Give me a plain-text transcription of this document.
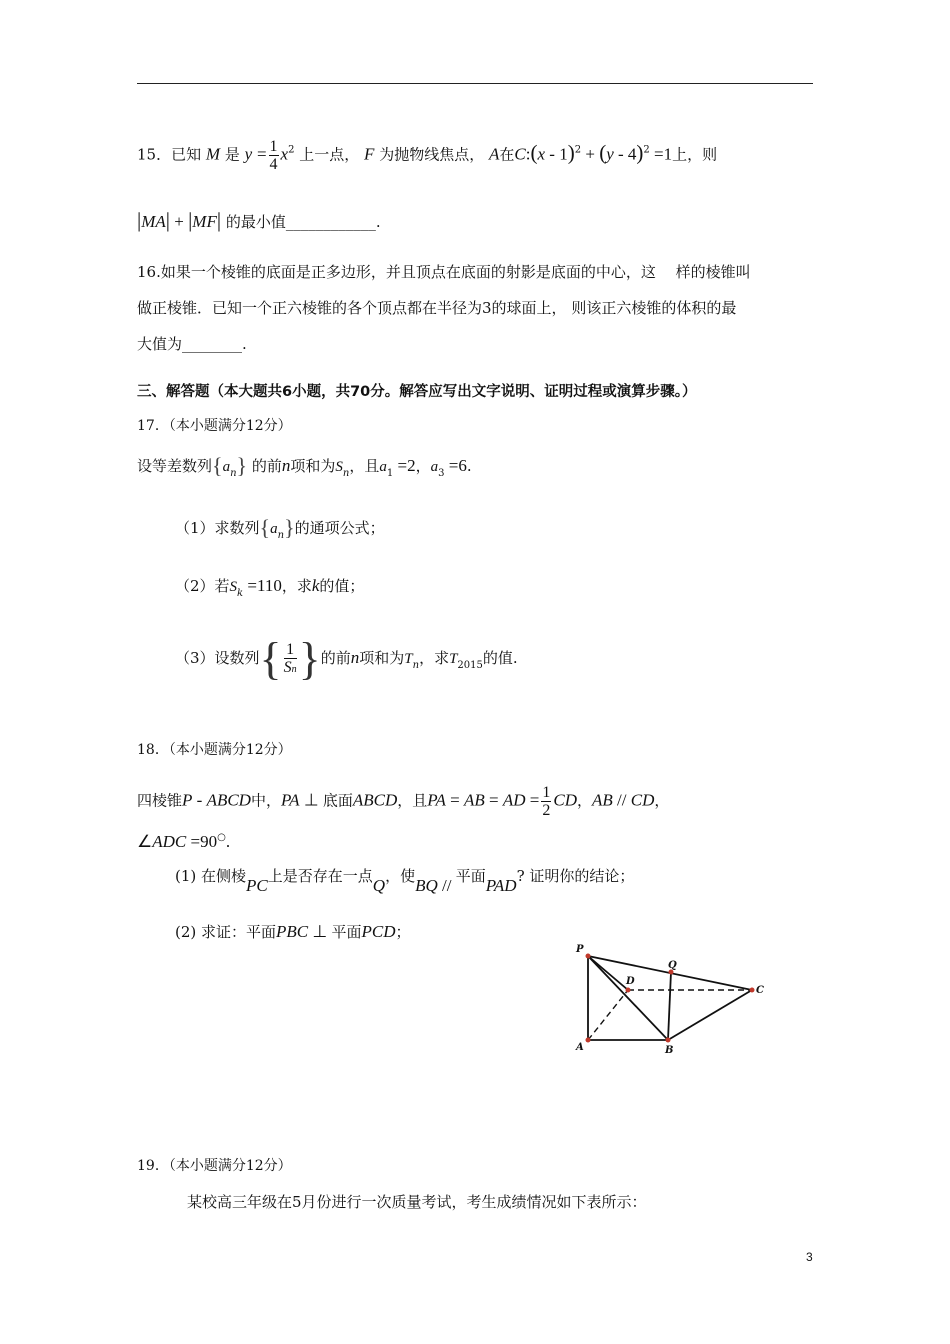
15．已知 M 是 $y = \frac{1}{4} x^2$ 上一点， F 为抛物线焦点， A在C:(x - 1)$^2$ + (y - 4)$^2$ =1上，则
|MA| + |MF| 的最小值____________.
16.如果一个棱锥的底面是正多边形，并且顶点在底面的射影是底面的中心，这　 样的棱锥叫
做正棱锥．已知一个正六棱锥的各个顶点都在半径为3的球面上， 则该正六棱锥的体积的最
大值为________.
三、解答题（本大题共6小题，共70分。解答应写出文字说明、证明过程或演算步骤。）
17．（本小题满分12分）
设等差数列$\{a_n\}$ 的前n项和为$S_n$，且$a_1 =2$，$a_3 =6$.
（1）求数列$\{a_n\}$的通项公式；
（2）若$S_k =110$，求k的值；
（3）设数列{ $\frac{1}{Sn}$ }的前n项和为$T_n$，求$T_{2015}$的值.
18．（本小题满分12分）
四棱锥P - ABCD中，PA ⊥ 底面ABCD，且PA = AB = AD = $\frac{1}{2}$ CD，AB // CD，
∠ADC =90○.
(1) 在侧棱PC上是否存在一点Q，使BQ // 平面PAD? 证明你的结论；
(2) 求证：平面PBC ⊥ 平面PCD；
P
D
Q
C
A	B
19．（本小题满分12分）
某校高三年级在5月份进行一次质量考试，考生成绩情况如下表所示：
3
